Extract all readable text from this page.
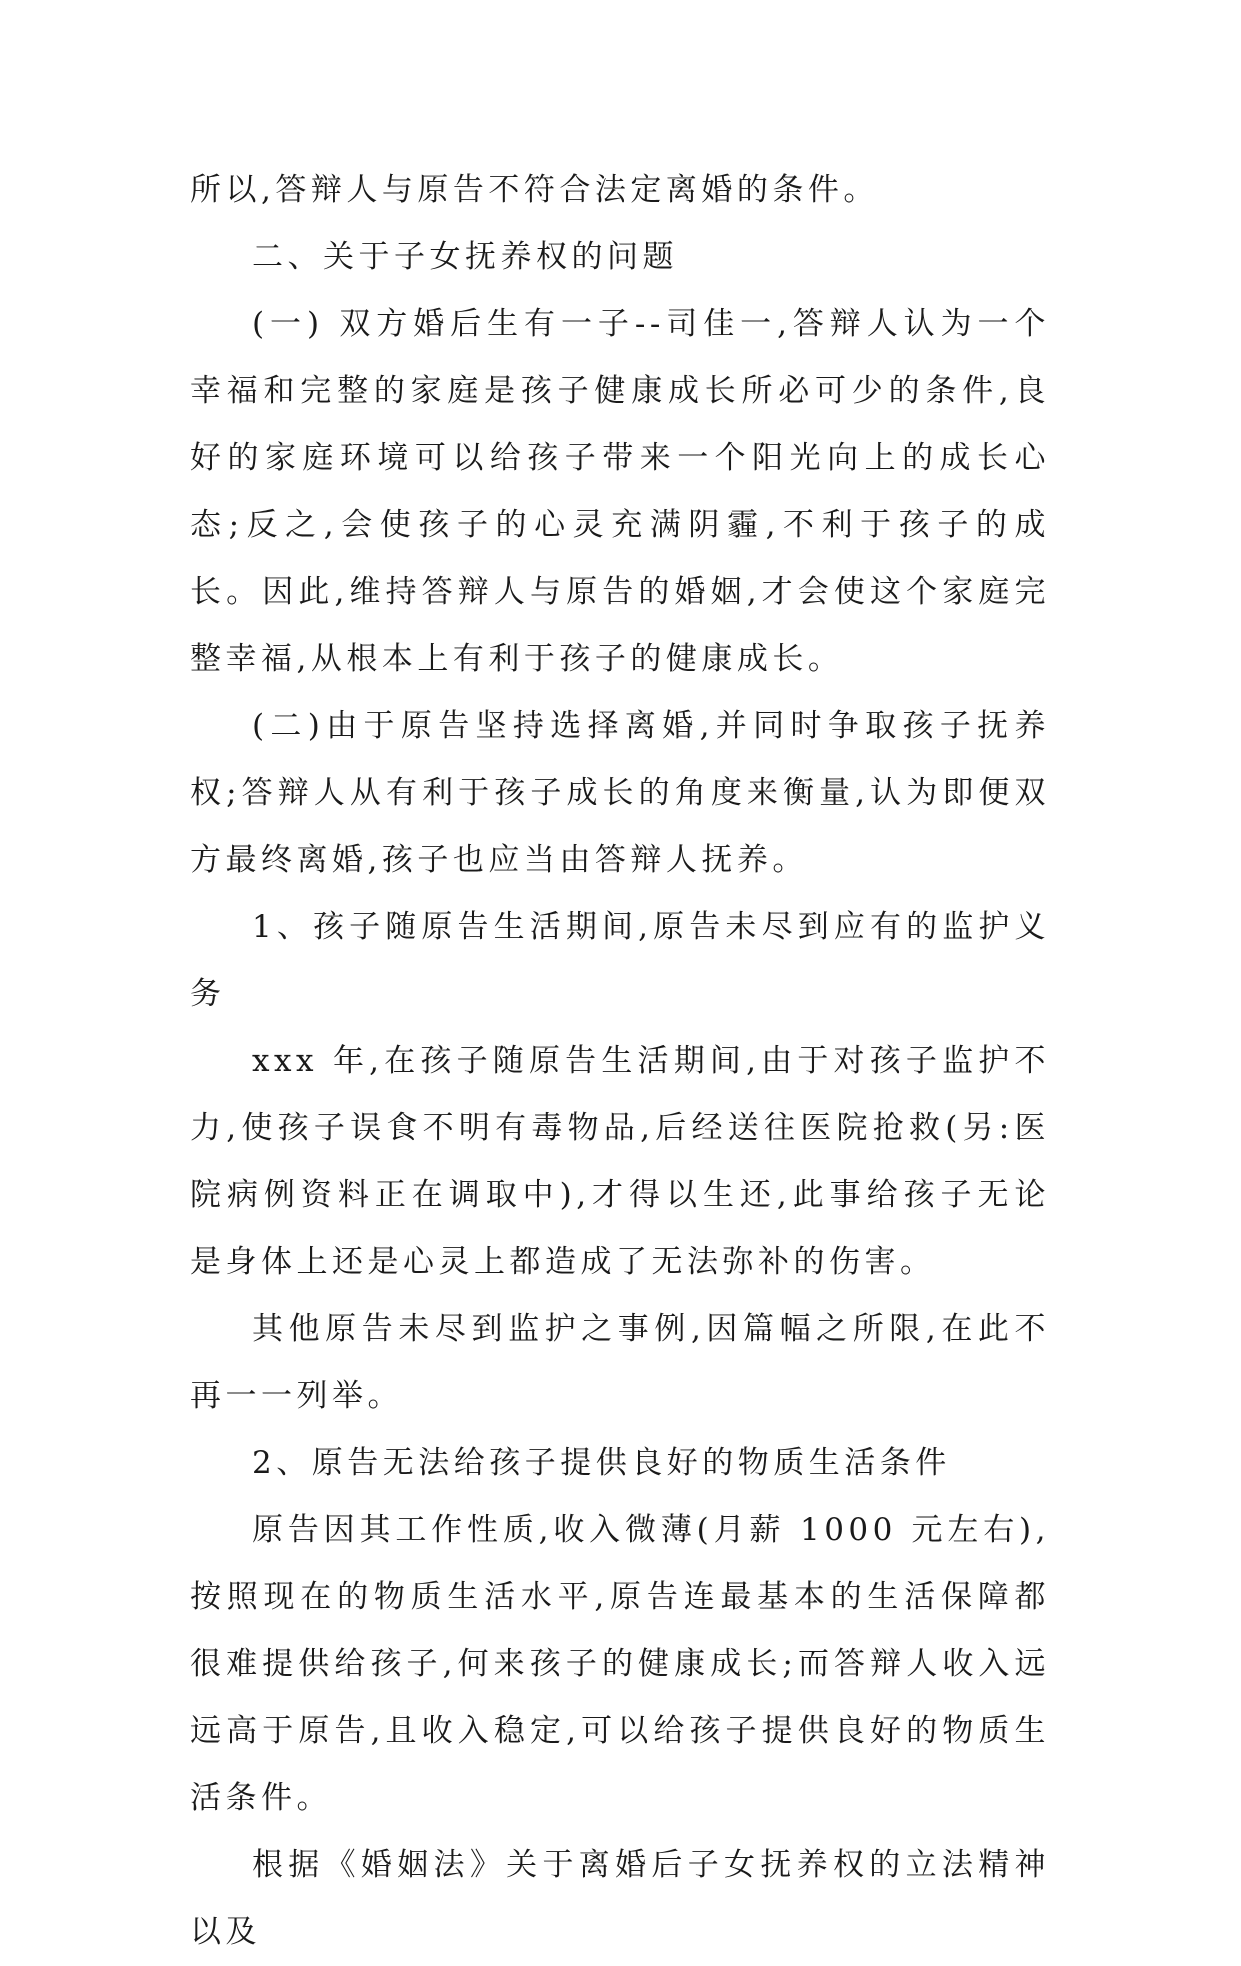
所以,答辩人与原告不符合法定离婚的条件。

二、关于子女抚养权的问题

(一) 双方婚后生有一子--司佳一,答辩人认为一个幸福和完整的家庭是孩子健康成长所必可少的条件,良好的家庭环境可以给孩子带来一个阳光向上的成长心态;反之,会使孩子的心灵充满阴霾,不利于孩子的成长。因此,维持答辩人与原告的婚姻,才会使这个家庭完整幸福,从根本上有利于孩子的健康成长。

(二)由于原告坚持选择离婚,并同时争取孩子抚养权;答辩人从有利于孩子成长的角度来衡量,认为即便双方最终离婚,孩子也应当由答辩人抚养。

1、孩子随原告生活期间,原告未尽到应有的监护义务

xxx 年,在孩子随原告生活期间,由于对孩子监护不力,使孩子误食不明有毒物品,后经送往医院抢救(另:医院病例资料正在调取中),才得以生还,此事给孩子无论是身体上还是心灵上都造成了无法弥补的伤害。

其他原告未尽到监护之事例,因篇幅之所限,在此不再一一列举。

2、原告无法给孩子提供良好的物质生活条件

原告因其工作性质,收入微薄(月薪 1000 元左右),按照现在的物质生活水平,原告连最基本的生活保障都很难提供给孩子,何来孩子的健康成长;而答辩人收入远远高于原告,且收入稳定,可以给孩子提供良好的物质生活条件。

根据《婚姻法》关于离婚后子女抚养权的立法精神以及
